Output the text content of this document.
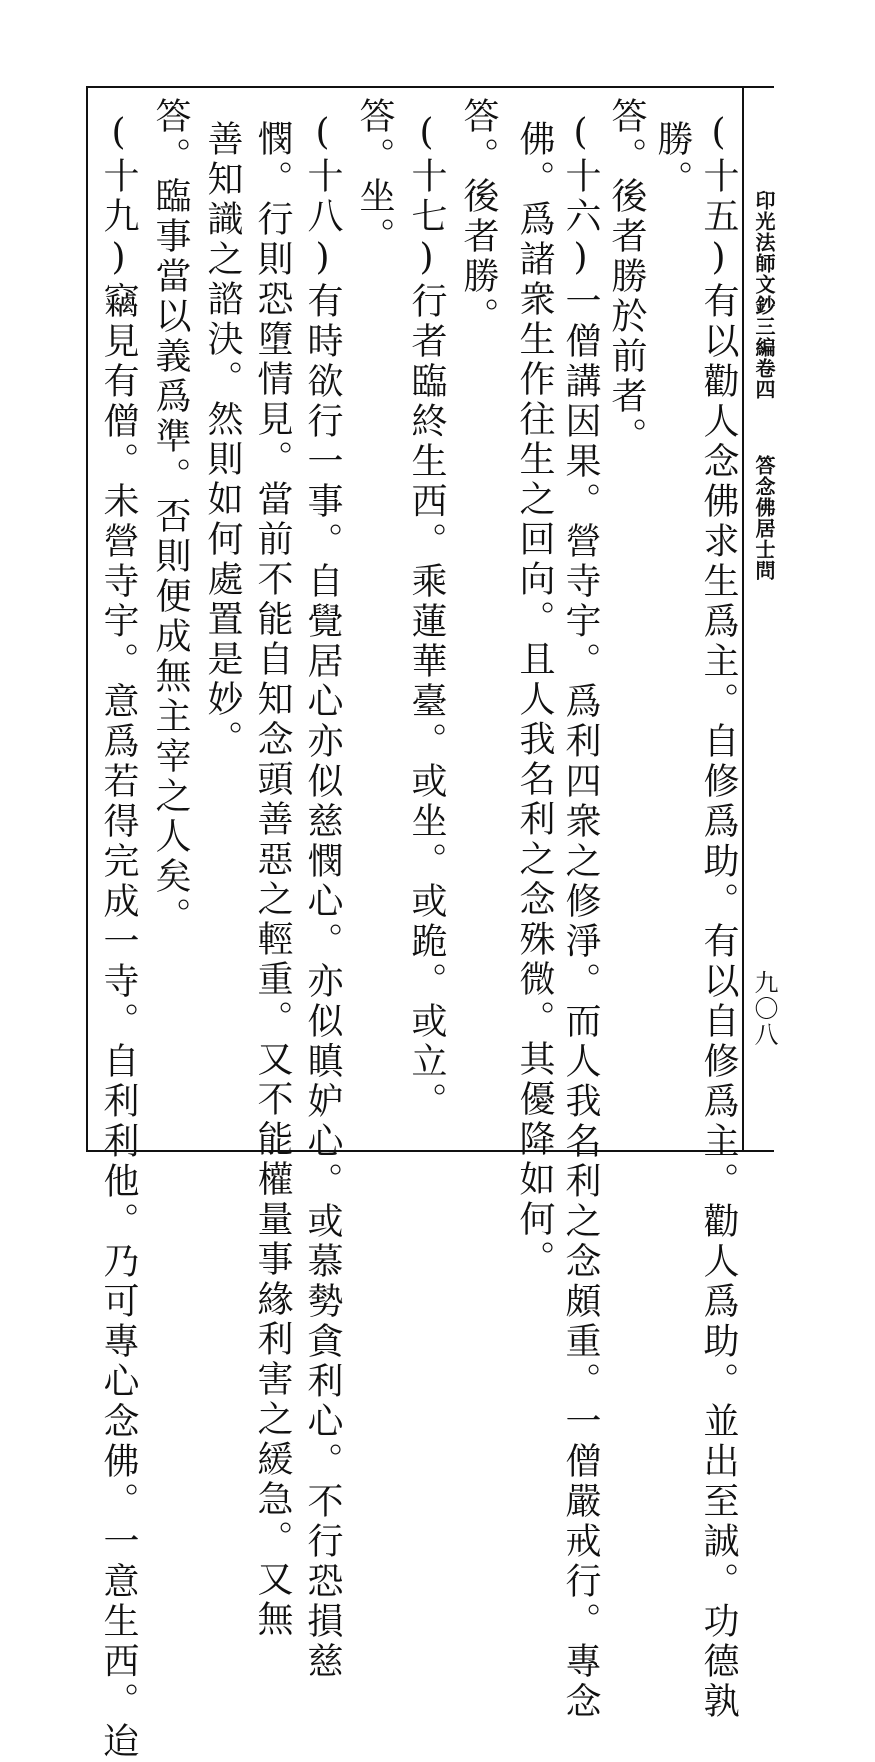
印光法師文鈔三編卷四
答念佛居士問
九〇八
(十五)有以勸人念佛求生爲主。自修爲助。有以自修爲主。勸人爲助。並出至誠。功德孰
勝。
答。後者勝於前者。
(十六)一僧講因果。營寺宇。爲利四衆之修淨。而人我名利之念頗重。一僧嚴戒行。專念
佛。爲諸衆生作往生之回向。且人我名利之念殊微。其優降如何。
答。後者勝。
(十七)行者臨終生西。乘蓮華臺。或坐。或跪。或立。
答。坐。
(十八)有時欲行一事。自覺居心亦似慈憫心。亦似瞋妒心。或慕勢貪利心。不行恐損慈
憫。行則恐墮情見。當前不能自知念頭善惡之輕重。又不能權量事緣利害之緩急。又無
善知識之諮決。然則如何處置是妙。
答。臨事當以義爲準。否則便成無主宰之人矣。
(十九)竊見有僧。未營寺宇。意爲若得完成一寺。自利利他。乃可專心念佛。一意生西。迨
